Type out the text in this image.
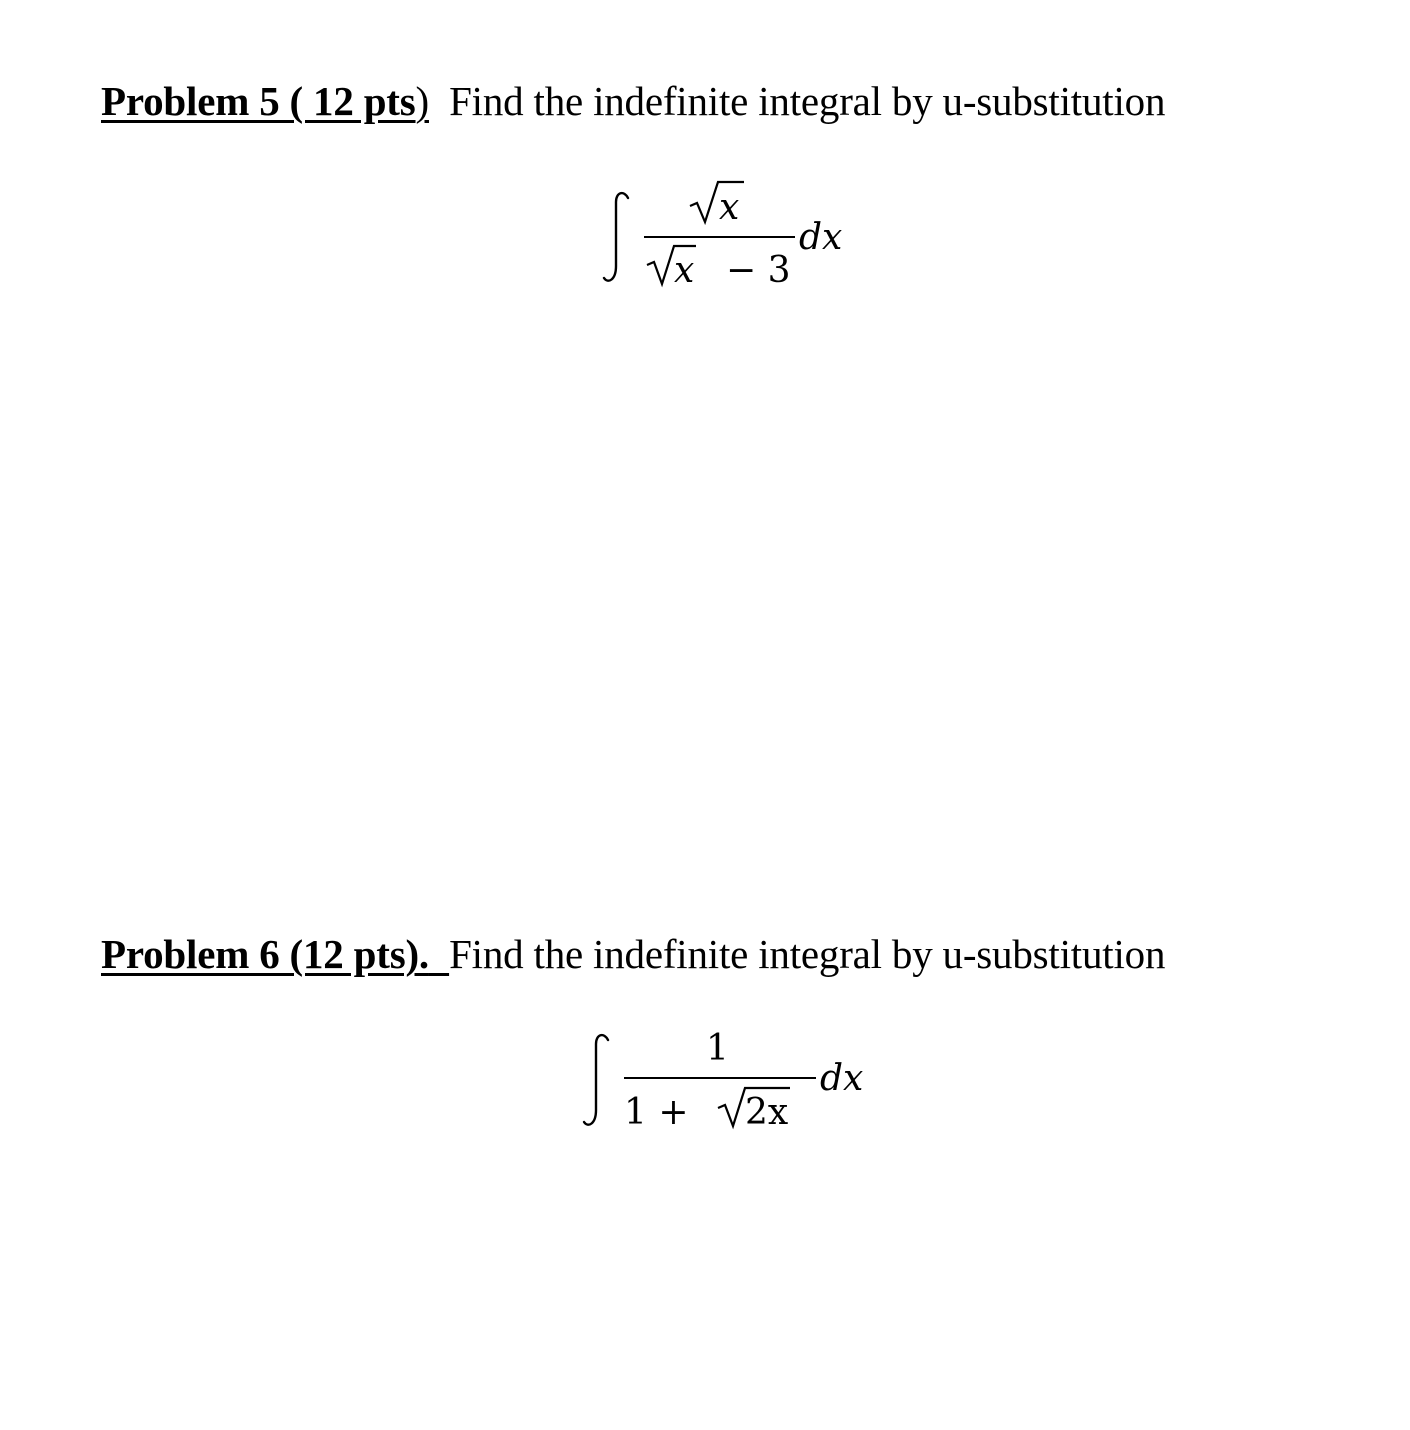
Problem 5 ( 12 pts)  Find the indefinite integral by u-substitution
x
x − 3
dx
Problem 6 (12 pts). Find the indefinite integral by u-substitution
1
1 + 2x
dx
